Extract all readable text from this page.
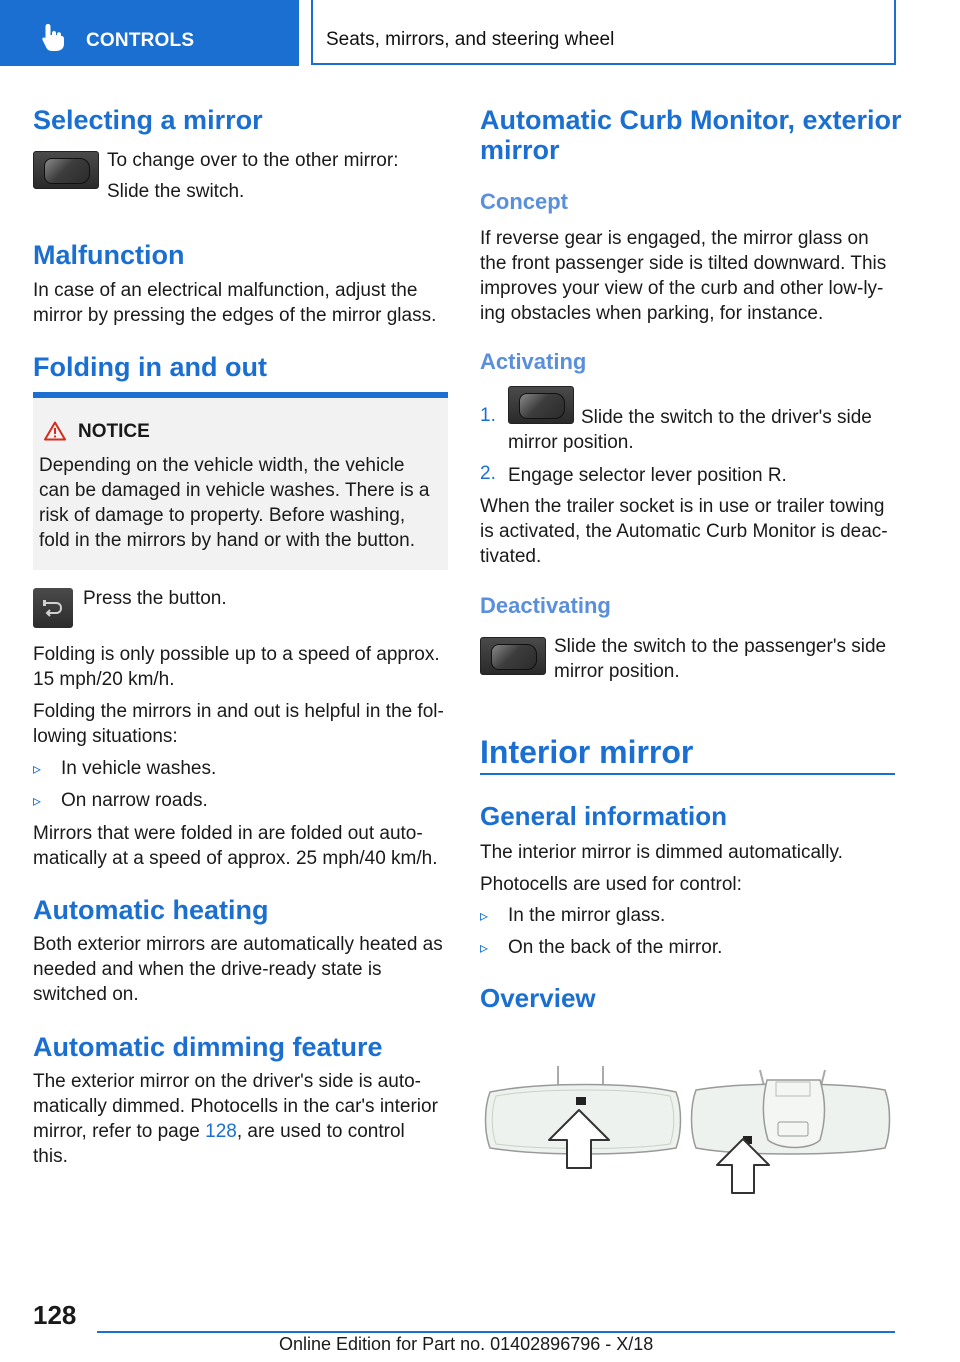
CONTROLS	Seats, mirrors, and steering wheel
Selecting a mirror

To change over to the other mirror:

Slide the switch.

Malfunction

In case of an electrical malfunction, adjust the

mirror by pressing the edges of the mirror glass.

Folding in and out
NOTICE

Depending on the vehicle width, the vehicle

can be damaged in vehicle washes. There is a

risk of damage to property. Before washing,

fold in the mirrors by hand or with the button.

Press the button.

Folding is only possible up to a speed of approx.

15 mph/20 km/h.

Folding the mirrors in and out is helpful in the fol-

lowing situations:

▹ In vehicle washes.

▹ On narrow roads.

Mirrors that were folded in are folded out auto-

matically at a speed of approx. 25 mph/40 km/h.

Automatic heating

Both exterior mirrors are automatically heated as

needed and when the drive-ready state is

switched on.

Automatic dimming feature

The exterior mirror on the driver's side is auto-

matically dimmed. Photocells in the car's interior

mirror, refer to page 128, are used to control

this.

Automatic Curb Monitor, exterior
mirror
Concept

If reverse gear is engaged, the mirror glass on

the front passenger side is tilted downward. This

improves your view of the curb and other low-ly-

ing obstacles when parking, for instance.

Activating
1.	Slide the switch to the driver's side

mirror position.

2. Engage selector lever position R.

When the trailer socket is in use or trailer towing

is activated, the Automatic Curb Monitor is deac-

tivated.

Deactivating

Slide the switch to the passenger's side

mirror position.

Interior mirror
General information

The interior mirror is dimmed automatically.

Photocells are used for control:

▹ In the mirror glass.

▹ On the back of the mirror.

Overview
128
Online Edition for Part no. 01402896796 - X/18
